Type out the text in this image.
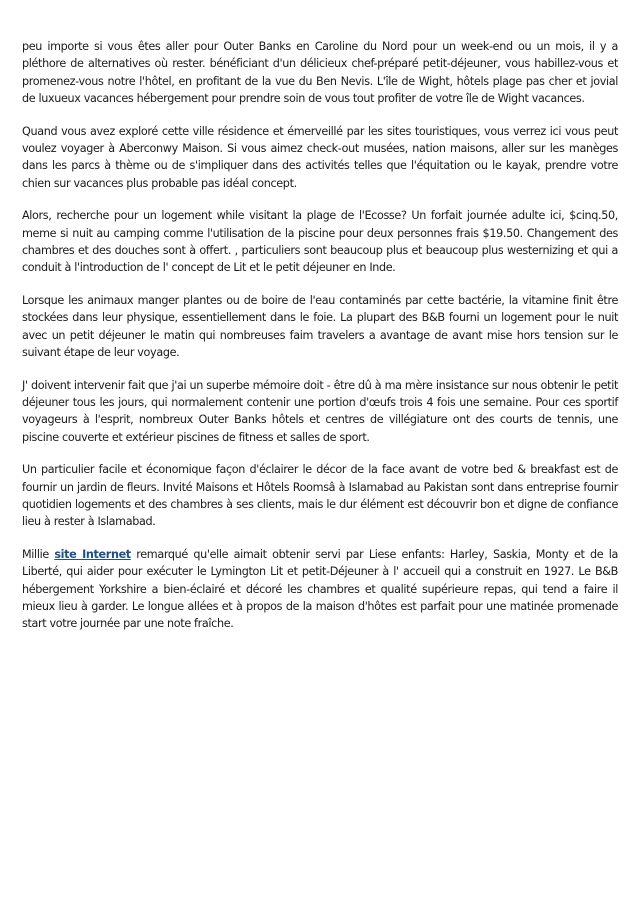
peu importe si vous êtes aller pour Outer Banks en Caroline du Nord pour un week-end ou un mois, il y a pléthore de alternatives où rester. bénéficiant d'un délicieux chef-préparé petit-déjeuner, vous habillez-vous et promenez-vous notre l'hôtel, en profitant de la vue du Ben Nevis. L'île de Wight, hôtels plage pas cher et jovial de luxueux vacances hébergement pour prendre soin de vous tout profiter de votre île de Wight vacances.

Quand vous avez exploré cette ville résidence et émerveillé par les sites touristiques, vous verrez ici vous peut voulez voyager à Aberconwy Maison. Si vous aimez check-out musées, nation maisons, aller sur les manèges dans les parcs à thème ou de s'impliquer dans des activités telles que l'équitation ou le kayak, prendre votre chien sur vacances plus probable pas idéal concept.

Alors, recherche pour un logement while visitant la plage de l'Ecosse? Un forfait journée adulte ici, $cinq.50, meme si nuit au camping comme l'utilisation de la piscine pour deux personnes frais $19.50. Changement des chambres et des douches sont à offert. , particuliers sont beaucoup plus et beaucoup plus westernizing et qui a conduit à l'introduction de l' concept de Lit et le petit déjeuner en Inde.

Lorsque les animaux manger plantes ou de boire de l'eau contaminés par cette bactérie, la vitamine finit être stockées dans leur physique, essentiellement dans le foie. La plupart des B&B fourni un logement pour le nuit avec un petit déjeuner le matin qui nombreuses faim travelers a avantage de avant mise hors tension sur le suivant étape de leur voyage.

J' doivent intervenir fait que j'ai un superbe mémoire doit - être dû à ma mère insistance sur nous obtenir le petit déjeuner tous les jours, qui normalement contenir une portion d'œufs trois 4 fois une semaine. Pour ces sportif voyageurs à l'esprit, nombreux Outer Banks hôtels et centres de villégiature ont des courts de tennis, une piscine couverte et extérieur piscines de fitness et salles de sport.

Un particulier facile et économique façon d'éclairer le décor de la face avant de votre bed & breakfast est de fournir un jardin de fleurs. Invité Maisons et Hôtels Roomsâ à Islamabad au Pakistan sont dans entreprise fournir quotidien logements et des chambres à ses clients, mais le dur élément est découvrir bon et digne de confiance lieu à rester à Islamabad.

Millie site Internet remarqué qu'elle aimait obtenir servi par Liese enfants: Harley, Saskia, Monty et de la Liberté, qui aider pour exécuter le Lymington Lit et petit-Déjeuner à l' accueil qui a construit en 1927. Le B&B hébergement Yorkshire a bien-éclairé et décoré les chambres et qualité supérieure repas, qui tend a faire il mieux lieu à garder. Le longue allées et à propos de la maison d'hôtes est parfait pour une matinée promenade start votre journée par une note fraîche.
